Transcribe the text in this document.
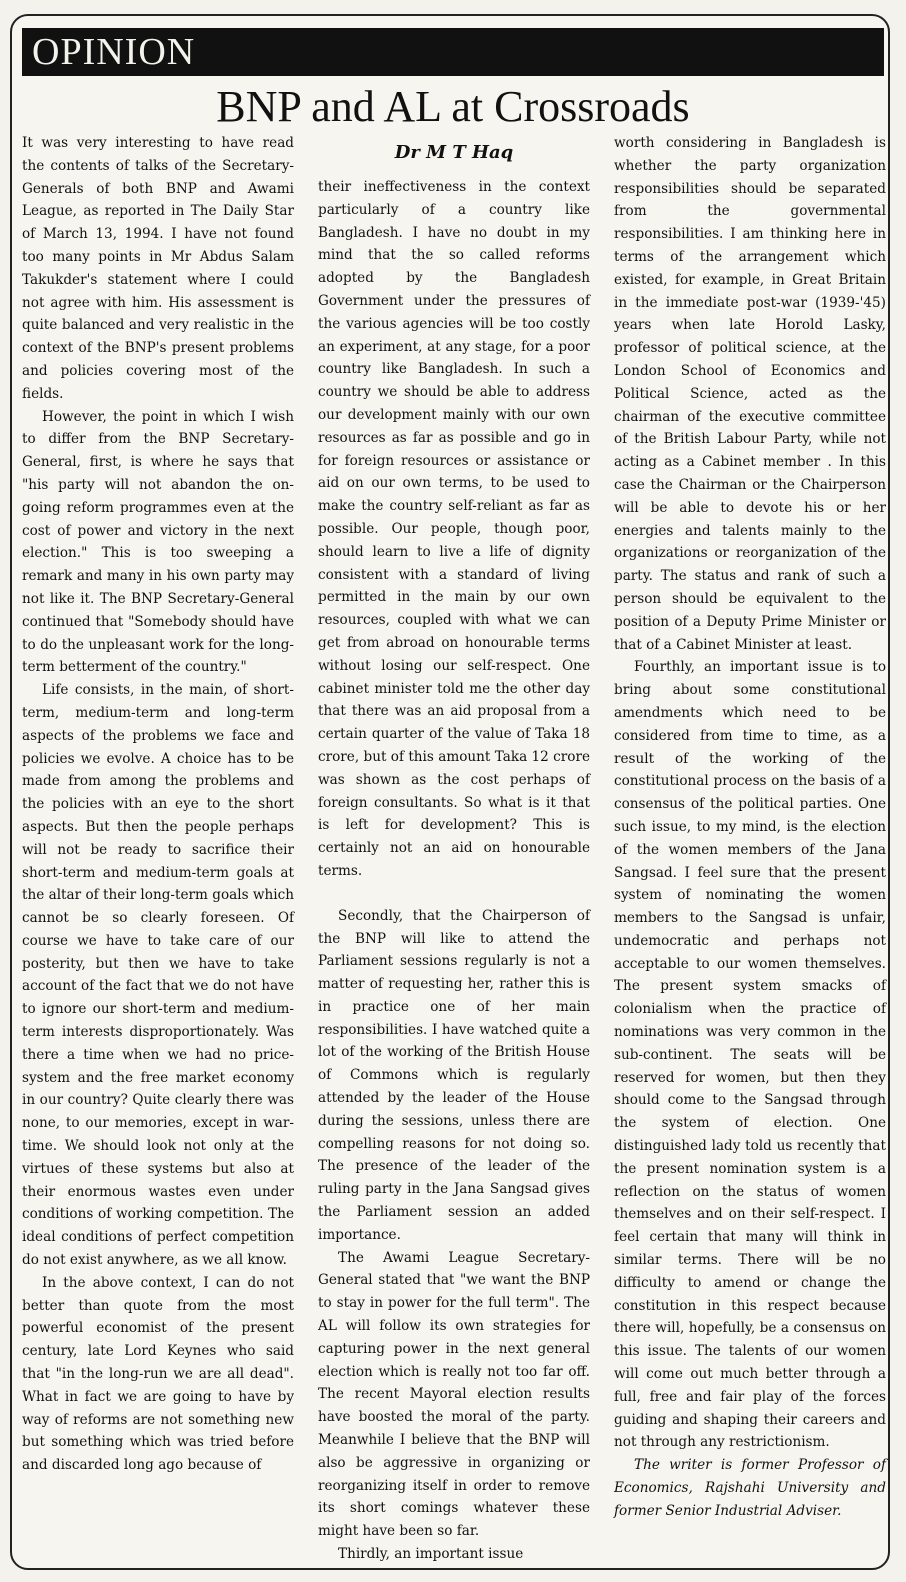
OPINION
BNP and AL at Crossroads

It was very interesting to have read the contents of talks of the Secretary-Generals of both BNP and Awami League, as reported in The Daily Star of March 13, 1994. I have not found too many points in Mr Abdus Salam Takukder's statement where I could not agree with him. His assessment is quite balanced and very realistic in the context of the BNP's present problems and policies covering most of the fields.

However, the point in which I wish to differ from the BNP Secretary-General, first, is where he says that "his party will not abandon the on-going reform programmes even at the cost of power and victory in the next election." This is too sweeping a remark and many in his own party may not like it. The BNP Secretary-General continued that "Somebody should have to do the unpleasant work for the long-term betterment of the country."

Life consists, in the main, of short-term, medium-term and long-term aspects of the problems we face and policies we evolve. A choice has to be made from among the problems and the policies with an eye to the short aspects. But then the people perhaps will not be ready to sacrifice their short-term and medium-term goals at the altar of their long-term goals which cannot be so clearly foreseen. Of course we have to take care of our posterity, but then we have to take account of the fact that we do not have to ignore our short-term and medium-term interests disproportionately. Was there a time when we had no price-system and the free market economy in our country? Quite clearly there was none, to our memories, except in war-time. We should look not only at the virtues of these systems but also at their enormous wastes even under conditions of working competition. The ideal conditions of perfect competition do not exist anywhere, as we all know.

In the above context, I can do not better than quote from the most powerful economist of the present century, late Lord Keynes who said that "in the long-run we are all dead". What in fact we are going to have by way of reforms are not something new but something which was tried before and discarded long ago because of

Dr M T Haq

their ineffectiveness in the context particularly of a country like Bangladesh. I have no doubt in my mind that the so called reforms adopted by the Bangladesh Government under the pressures of the various agencies will be too costly an experiment, at any stage, for a poor country like Bangladesh. In such a country we should be able to address our development mainly with our own resources as far as possible and go in for foreign resources or assistance or aid on our own terms, to be used to make the country self-reliant as far as possible. Our people, though poor, should learn to live a life of dignity consistent with a standard of living permitted in the main by our own resources, coupled with what we can get from abroad on honourable terms without losing our self-respect. One cabinet minister told me the other day that there was an aid proposal from a certain quarter of the value of Taka 18 crore, but of this amount Taka 12 crore was shown as the cost perhaps of foreign consultants. So what is it that is left for development? This is certainly not an aid on honourable terms.

Secondly, that the Chairperson of the BNP will like to attend the Parliament sessions regularly is not a matter of requesting her, rather this is in practice one of her main responsibilities. I have watched quite a lot of the working of the British House of Commons which is regularly attended by the leader of the House during the sessions, unless there are compelling reasons for not doing so. The presence of the leader of the ruling party in the Jana Sangsad gives the Parliament session an added importance.

The Awami League Secretary-General stated that "we want the BNP to stay in power for the full term". The AL will follow its own strategies for capturing power in the next general election which is really not too far off. The recent Mayoral election results have boosted the moral of the party. Meanwhile I believe that the BNP will also be aggressive in organizing or reorganizing itself in order to remove its short comings whatever these might have been so far.

Thirdly, an important issue

worth considering in Bangladesh is whether the party organization responsibilities should be separated from the governmental responsibilities. I am thinking here in terms of the arrangement which existed, for example, in Great Britain in the immediate post-war (1939-'45) years when late Horold Lasky, professor of political science, at the London School of Economics and Political Science, acted as the chairman of the executive committee of the British Labour Party, while not acting as a Cabinet member . In this case the Chairman or the Chairperson will be able to devote his or her energies and talents mainly to the organizations or reorganization of the party. The status and rank of such a person should be equivalent to the position of a Deputy Prime Minister or that of a Cabinet Minister at least.

Fourthly, an important issue is to bring about some constitutional amendments which need to be considered from time to time, as a result of the working of the constitutional process on the basis of a consensus of the political parties. One such issue, to my mind, is the election of the women members of the Jana Sangsad. I feel sure that the present system of nominating the women members to the Sangsad is unfair, undemocratic and perhaps not acceptable to our women themselves. The present system smacks of colonialism when the practice of nominations was very common in the sub-continent. The seats will be reserved for women, but then they should come to the Sangsad through the system of election. One distinguished lady told us recently that the present nomination system is a reflection on the status of women themselves and on their self-respect. I feel certain that many will think in similar terms. There will be no difficulty to amend or change the constitution in this respect because there will, hopefully, be a consensus on this issue. The talents of our women will come out much better through a full, free and fair play of the forces guiding and shaping their careers and not through any restrictionism.

The writer is former Professor of Economics, Rajshahi University and former Senior Industrial Adviser.
